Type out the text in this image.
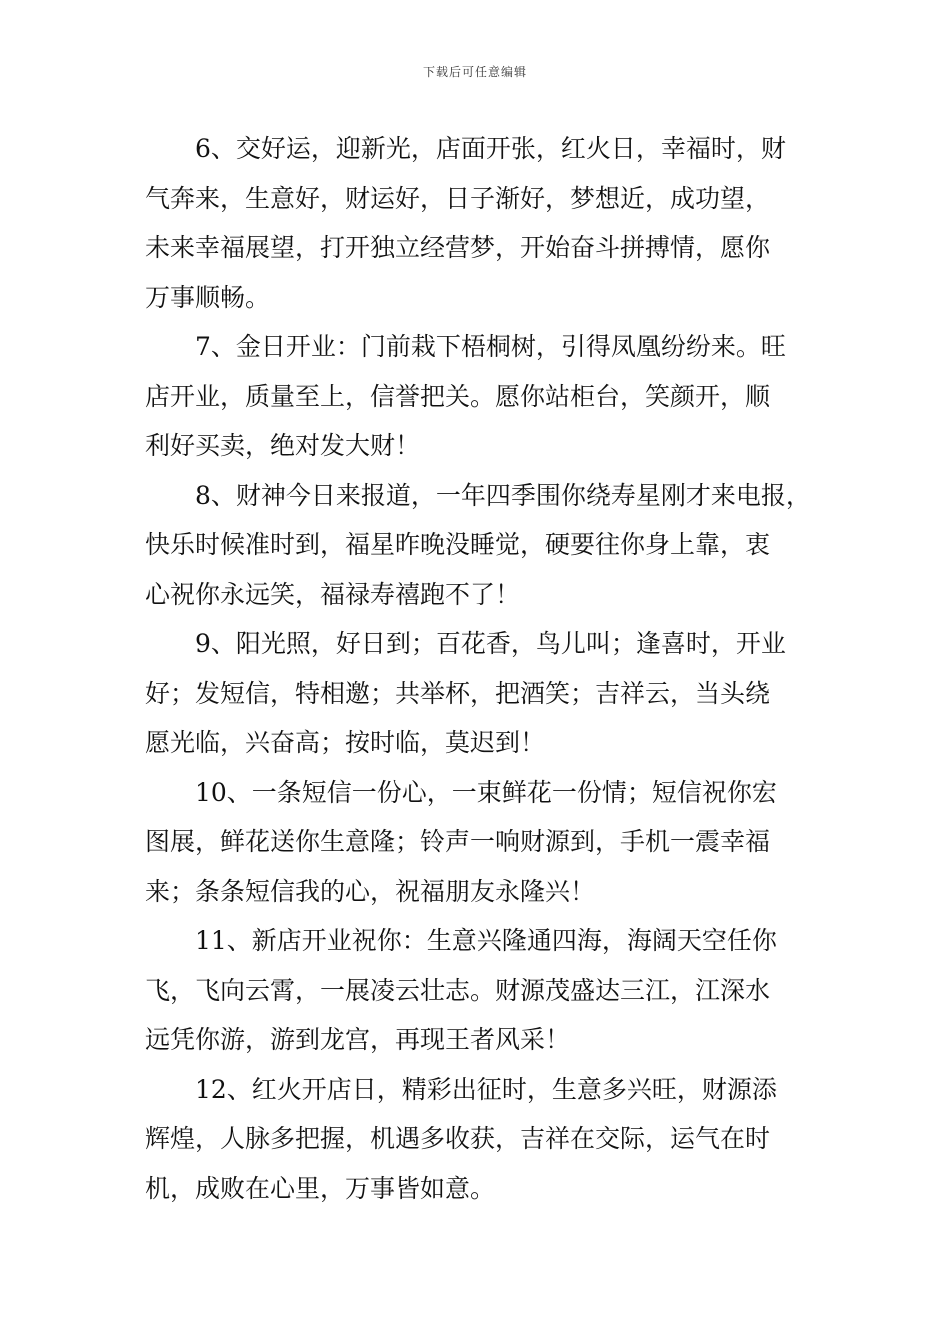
下载后可任意编辑

6、交好运，迎新光，店面开张，红火日，幸福时，财
气奔来，生意好，财运好，日子渐好，梦想近，成功望，
未来幸福展望，打开独立经营梦，开始奋斗拼搏情，愿你
万事顺畅。

7、金日开业：门前栽下梧桐树，引得凤凰纷纷来。旺
店开业，质量至上，信誉把关。愿你站柜台，笑颜开，顺
利好买卖，绝对发大财！

8、财神今日来报道，一年四季围你绕寿星刚才来电报，
快乐时候准时到，福星昨晚没睡觉，硬要往你身上靠，衷
心祝你永远笑，福禄寿禧跑不了！

9、阳光照，好日到；百花香，鸟儿叫；逢喜时，开业
好；发短信，特相邀；共举杯，把酒笑；吉祥云，当头绕
愿光临，兴奋高；按时临，莫迟到！

10、一条短信一份心，一束鲜花一份情；短信祝你宏
图展，鲜花送你生意隆；铃声一响财源到，手机一震幸福
来；条条短信我的心，祝福朋友永隆兴！

11、新店开业祝你：生意兴隆通四海，海阔天空任你
飞，飞向云霄，一展凌云壮志。财源茂盛达三江，江深水
远凭你游，游到龙宫，再现王者风采！

12、红火开店日，精彩出征时，生意多兴旺，财源添
辉煌，人脉多把握，机遇多收获，吉祥在交际，运气在时
机，成败在心里，万事皆如意。
